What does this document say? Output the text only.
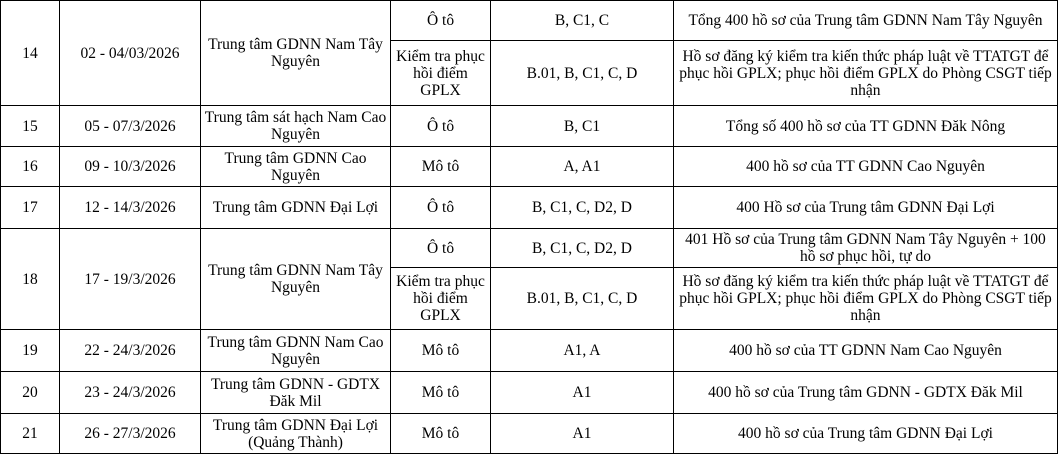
14	02 - 04/03/2026	Trung tâm GDNN Nam Tây Nguyên	Ô tô	B, C1, C	Tổng 400 hồ sơ của Trung tâm GDNN Nam Tây Nguyên
			Kiểm tra phục hồi điểm GPLX	B.01, B, C1, C, D	Hồ sơ đăng ký kiểm tra kiến thức pháp luật về TTATGT để phục hồi GPLX; phục hồi điểm GPLX do Phòng CSGT tiếp nhận
15	05 - 07/3/2026	Trung tâm sát hạch Nam Cao Nguyên	Ô tô	B, C1	Tổng số 400 hồ sơ của TT GDNN Đăk Nông
16	09 - 10/3/2026	Trung tâm GDNN Cao Nguyên	Mô tô	A, A1	400 hồ sơ của TT GDNN Cao Nguyên
17	12 - 14/3/2026	Trung tâm GDNN Đại Lợi	Ô tô	B, C1, C, D2, D	400 Hồ sơ của Trung tâm GDNN Đại Lợi
18	17 - 19/3/2026	Trung tâm GDNN Nam Tây Nguyên	Ô tô	B, C1, C, D2, D	401 Hồ sơ của Trung tâm GDNN Nam Tây Nguyên + 100 hồ sơ phục hồi, tự do
			Kiểm tra phục hồi điểm GPLX	B.01, B, C1, C, D	Hồ sơ đăng ký kiểm tra kiến thức pháp luật về TTATGT để phục hồi GPLX; phục hồi điểm GPLX do Phòng CSGT tiếp nhận
19	22 - 24/3/2026	Trung tâm GDNN Nam Cao Nguyên	Mô tô	A1, A	400 hồ sơ của TT GDNN Nam Cao Nguyên
20	23 - 24/3/2026	Trung tâm GDNN - GDTX Đăk Mil	Mô tô	A1	400 hồ sơ của Trung tâm GDNN - GDTX Đăk Mil
21	26 - 27/3/2026	Trung tâm GDNN Đại Lợi (Quảng Thành)	Mô tô	A1	400 hồ sơ của Trung tâm GDNN Đại Lợi
